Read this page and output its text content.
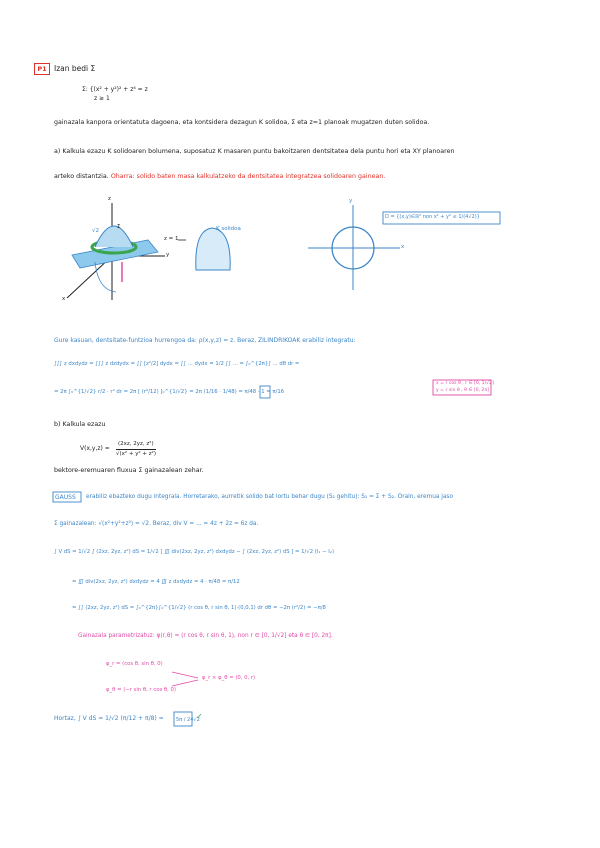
P1 Izan bedi Σ
Σ: {(x² + y²)² + z⁴ = z
z ≥ 1
gainazala kanpora orientatuta dagoena, eta kontsidera dezagun K solidoa, Σ eta z=1 planoak mugatzen duten solidoa.
a) Kalkula ezazu K solidoaren bolumena, suposatuz K masaren puntu bakoitzaren dentsitatea dela puntu hori eta XY planoaren
arteko distantzia. Oharra: solido baten masa kalkulatzeko da dentsitatea integratzea solidoaren gainean.
z
√2
Σ
y
x
z = 1
K solidoa
y
x
D = {(x,y)∈ℝ² non x² + y² ≤ 1/(4√2)}
Gure kasuan, dentsitate-funtzioa hurrengoa da: ρ(x,y,z) = z. Beraz, ZILINDRIKOAK erabiliz integratu:
∫∫∫ z dxdydz = ∫∫∫ z dzdydx = ∫∫ [z²/2] dydx = ∫∫ ... dydx = 1/2 ∫∫ ... = ∫₀^{2π}∫ ... dθ dr =
= 2π ∫₀^{1/√2} r/2 · r⁴ dr = 2π [ (r⁶/12) ]₀^{1/√2} = 2π (1/16 · 1/48) = π/48 · 1 = π/16
x = r cos θ , r ∈ [0, 1/√2]
y = r sin θ , θ ∈ [0, 2π]
b) Kalkula ezazu
V(x,y,z) =
(2xz, 2yz, z²)
√(x² + y² + z²)
bektore-eremuaren fluxua Σ gainazalean zehar.
GAUSS erabiliz ebazteko dugu integrala. Horretarako, aurretik solido bat lortu behar dugu (S₂ gehitu): S₁ = Σ + S₂. Orain, eremua jaso
Σ gainazalean: √(x²+y²+z²) = √2. Beraz, div V = ... = 4z + 2z = 6z da.
∫ V dS = 1/√2 ∫ (2xz, 2yz, z²) dS = 1/√2 [ ∭ div(2xz, 2yz, z²) dxdydz − ∫ (2xz, 2yz, z²) dS ] = 1/√2 (I₁ − I₂)
= ∭ div(2xz, 2yz, z²) dxdydz = 4 ∭ z dxdydz = 4 · π/48 = π/12
= ∫∫ (2xz, 2yz, z²) dS = ∫₀^{2π}∫₀^{1/√2} (r cos θ, r sin θ, 1)·(0,0,1) dr dθ = −2π (r²/2) = −π/8
Gainazala parametrizatuz: φ(r,θ) = (r cos θ, r sin θ, 1), non r ∈ [0, 1/√2] eta θ ∈ [0, 2π].
φ_r = (cos θ, sin θ, 0)
φ_θ = (−r sin θ, r cos θ, 0)
φ_r × φ_θ = (0, 0, r)
Hortaz, ∫ V dS = 1/√2 (π/12 + π/8) = 5π / 24√2
✓
